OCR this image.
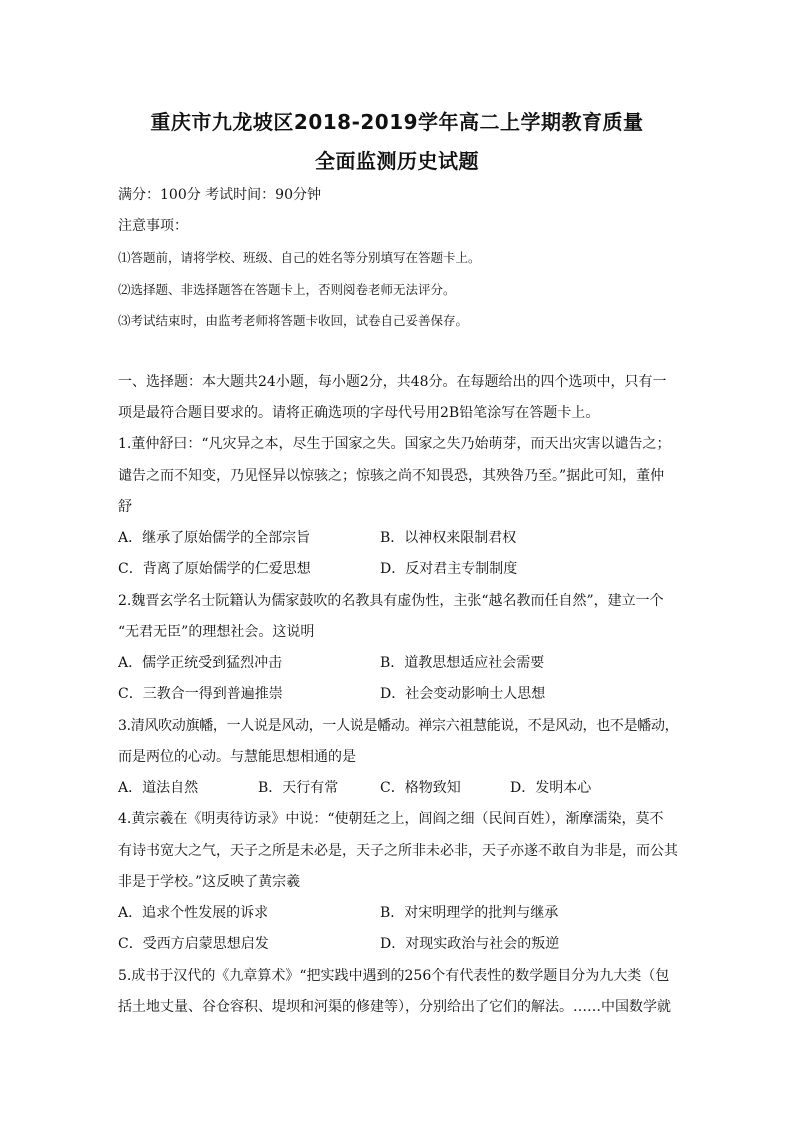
重庆市九龙坡区2018-2019学年高二上学期教育质量
全面监测历史试题
满分：100分 考试时间：90分钟
注意事项：
⑴答题前，请将学校、班级、自己的姓名等分别填写在答题卡上。
⑵选择题、非选择题答在答题卡上，否则阅卷老师无法评分。
⑶考试结束时，由监考老师将答题卡收回，试卷自己妥善保存。
一、选择题：本大题共24小题，每小题2分，共48分。在每题给出的四个选项中，只有一
项是最符合题目要求的。请将正确选项的字母代号用2B铅笔涂写在答题卡上。
1.董仲舒曰：“凡灾异之本，尽生于国家之失。国家之失乃始萌芽，而天出灾害以谴告之；
谴告之而不知变，乃见怪异以惊骇之；惊骇之尚不知畏恐，其殃咎乃至。”据此可知，董仲
舒
A．继承了原始儒学的全部宗旨	B．以神权来限制君权
C．背离了原始儒学的仁爱思想	D．反对君主专制制度
2.魏晋玄学名士阮籍认为儒家鼓吹的名教具有虚伪性，主张“越名教而任自然”，建立一个
“无君无臣”的理想社会。这说明
A．儒学正统受到猛烈冲击	B．道教思想适应社会需要
C．三教合一得到普遍推崇	D．社会变动影响士人思想
3.清风吹动旗幡，一人说是风动，一人说是幡动。禅宗六祖慧能说，不是风动，也不是幡动，
而是两位的心动。与慧能思想相通的是
A．道法自然	B．天行有常	C．格物致知	D．发明本心
4.黄宗羲在《明夷待访录》中说：“使朝廷之上，闾阎之细（民间百姓），渐摩濡染，莫不
有诗书宽大之气，天子之所是未必是，天子之所非未必非，天子亦遂不敢自为非是，而公其
非是于学校。”这反映了黄宗羲
A．追求个性发展的诉求	B．对宋明理学的批判与继承
C．受西方启蒙思想启发	D．对现实政治与社会的叛逆
5.成书于汉代的《九章算术》“把实践中遇到的256个有代表性的数学题目分为九大类（包
括土地丈量、谷仓容积、堤坝和河渠的修建等），分别给出了它们的解法。……中国数学就
